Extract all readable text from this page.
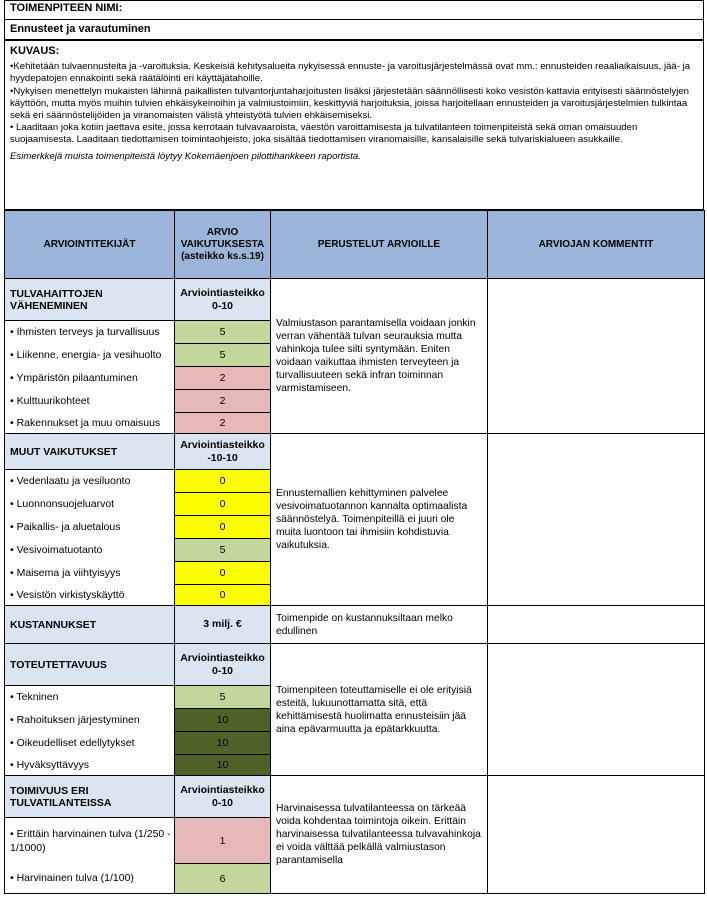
TOIMENPITEEN NIMI:
Ennusteet ja varautuminen

KUVAUS:

•Kehitetään tulvaennusteita ja -varoituksia. Keskeisiä kehitysalueita nykyisessä ennuste- ja varoitusjärjestelmässä ovat mm.: ennusteiden reaaliaikaisuus, jää- ja hyydepatojen ennakointi sekä räätälöinti eri käyttäjätahoille.

•Nykyisen menettelyn mukaisten lähinnä paikallisten tulvantorjuntaharjoitusten lisäksi järjestetään säännöllisesti koko vesistön kattavia erityisesti säännöstelyjen käyttöön, mutta myös muihin tulvien ehkäisykeinoihin ja valmiustoimiin, keskittyviä harjoituksia, joissa harjoitellaan ennusteiden ja varoitusjärjestelmien tulkintaa sekä eri säännöstelijöiden ja viranomaisten välistä yhteistyötä tulvien ehkäisemiseksi.

• Laaditaan joka kotiin jaettava esite, jossa kerrotaan tulvavaaroista, väestön varoittamisesta ja tulvatilanteen toimenpiteistä sekä oman omaisuuden suojaamisesta. Laaditaan tiedottamisen toimintaohjeisto, joka sisältää tiedottamisen viranomaisille, kansalaisille sekä tulvariskialueen asukkaille.

Esimerkkejä muista toimenpiteistä löytyy Kokemäenjoen pilottihankkeen raportista.

ARVIOINTITEKIJÄT	ARVIO VAIKUTUKSESTA (asteikko ks.s.19)	PERUSTELUT ARVIOILLE	ARVIOJAN KOMMENTIT
TULVAHAITTOJEN VÄHENEMINEN	Arviointiasteikko 0-10	Valmiustason parantamisella voidaan jonkin verran vähentää tulvan seurauksia mutta vahinkoja tulee silti syntymään. Eniten voidaan vaikuttaa ihmisten terveyteen ja turvallisuuteen sekä infran toiminnan varmistamiseen.	
• Ihmisten terveys ja turvallisuus	5		
• Liikenne, energia- ja vesihuolto	5		
• Ympäristön pilaantuminen	2		
• Kulttuurikohteet	2		
• Rakennukset ja muu omaisuus	2		
MUUT VAIKUTUKSET	Arviointiasteikko -10-10	Ennustemallien kehittyminen palvelee vesivoimatuotannon kannalta optimaalista säännöstelyä. Toimenpiteillä ei juuri ole muita luontoon tai ihmisiin kohdistuvia vaikutuksia.	
• Vedenlaatu ja vesiluonto	0		
• Luonnonsuojeluarvot	0		
• Paikallis- ja aluetalous	0		
• Vesivoimatuotanto	5		
• Maisema ja viihtyisyys	0		
• Vesistön virkistyskäyttö	0		
KUSTANNUKSET	3 milj. €	Toimenpide on kustannuksiltaan melko edullinen	
TOTEUTETTAVUUS	Arviointiasteikko 0-10	Toimenpiteen toteuttamiselle ei ole erityisiä esteitä, lukuunottamatta sitä, että kehittämisestä huolimatta ennusteisiin jää aina epävarmuutta ja epätarkkuutta.	
• Tekninen	5		
• Rahoituksen järjestyminen	10		
• Oikeudelliset edellytykset	10		
• Hyväksyttävyys	10		
TOIMIVUUS ERI TULVATILANTEISSA	Arviointiasteikko 0-10	Harvinaisessa tulvatilanteessa on tärkeää voida kohdentaa toimintoja oikein. Erittäin harvinaisessa tulvatilanteessa tulvavahinkoja ei voida välttää pelkällä valmiustason parantamisella	
• Erittäin harvinainen tulva (1/250 - 1/1000)	1		
• Harvinainen tulva (1/100)	6		
